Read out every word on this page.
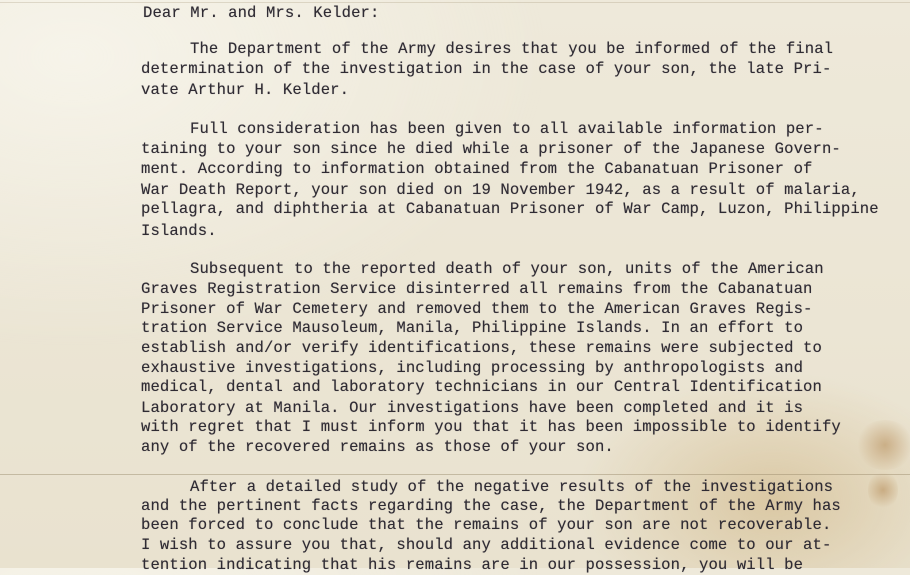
Dear Mr. and Mrs. Kelder:

The Department of the Army desires that you be informed of the final

determination of the investigation in the case of your son, the late Pri-

vate Arthur H. Kelder.

Full consideration has been given to all available information per-

taining to your son since he died while a prisoner of the Japanese Govern-

ment. According to information obtained from the Cabanatuan Prisoner of

War Death Report, your son died on 19 November 1942, as a result of malaria,

pellagra, and diphtheria at Cabanatuan Prisoner of War Camp, Luzon, Philippine

Islands.

Subsequent to the reported death of your son, units of the American

Graves Registration Service disinterred all remains from the Cabanatuan

Prisoner of War Cemetery and removed them to the American Graves Regis-

tration Service Mausoleum, Manila, Philippine Islands. In an effort to

establish and/or verify identifications, these remains were subjected to

exhaustive investigations, including processing by anthropologists and

medical, dental and laboratory technicians in our Central Identification

Laboratory at Manila. Our investigations have been completed and it is

with regret that I must inform you that it has been impossible to identify

any of the recovered remains as those of your son.

After a detailed study of the negative results of the investigations

and the pertinent facts regarding the case, the Department of the Army has

been forced to conclude that the remains of your son are not recoverable.

I wish to assure you that, should any additional evidence come to our at-

tention indicating that his remains are in our possession, you will be
